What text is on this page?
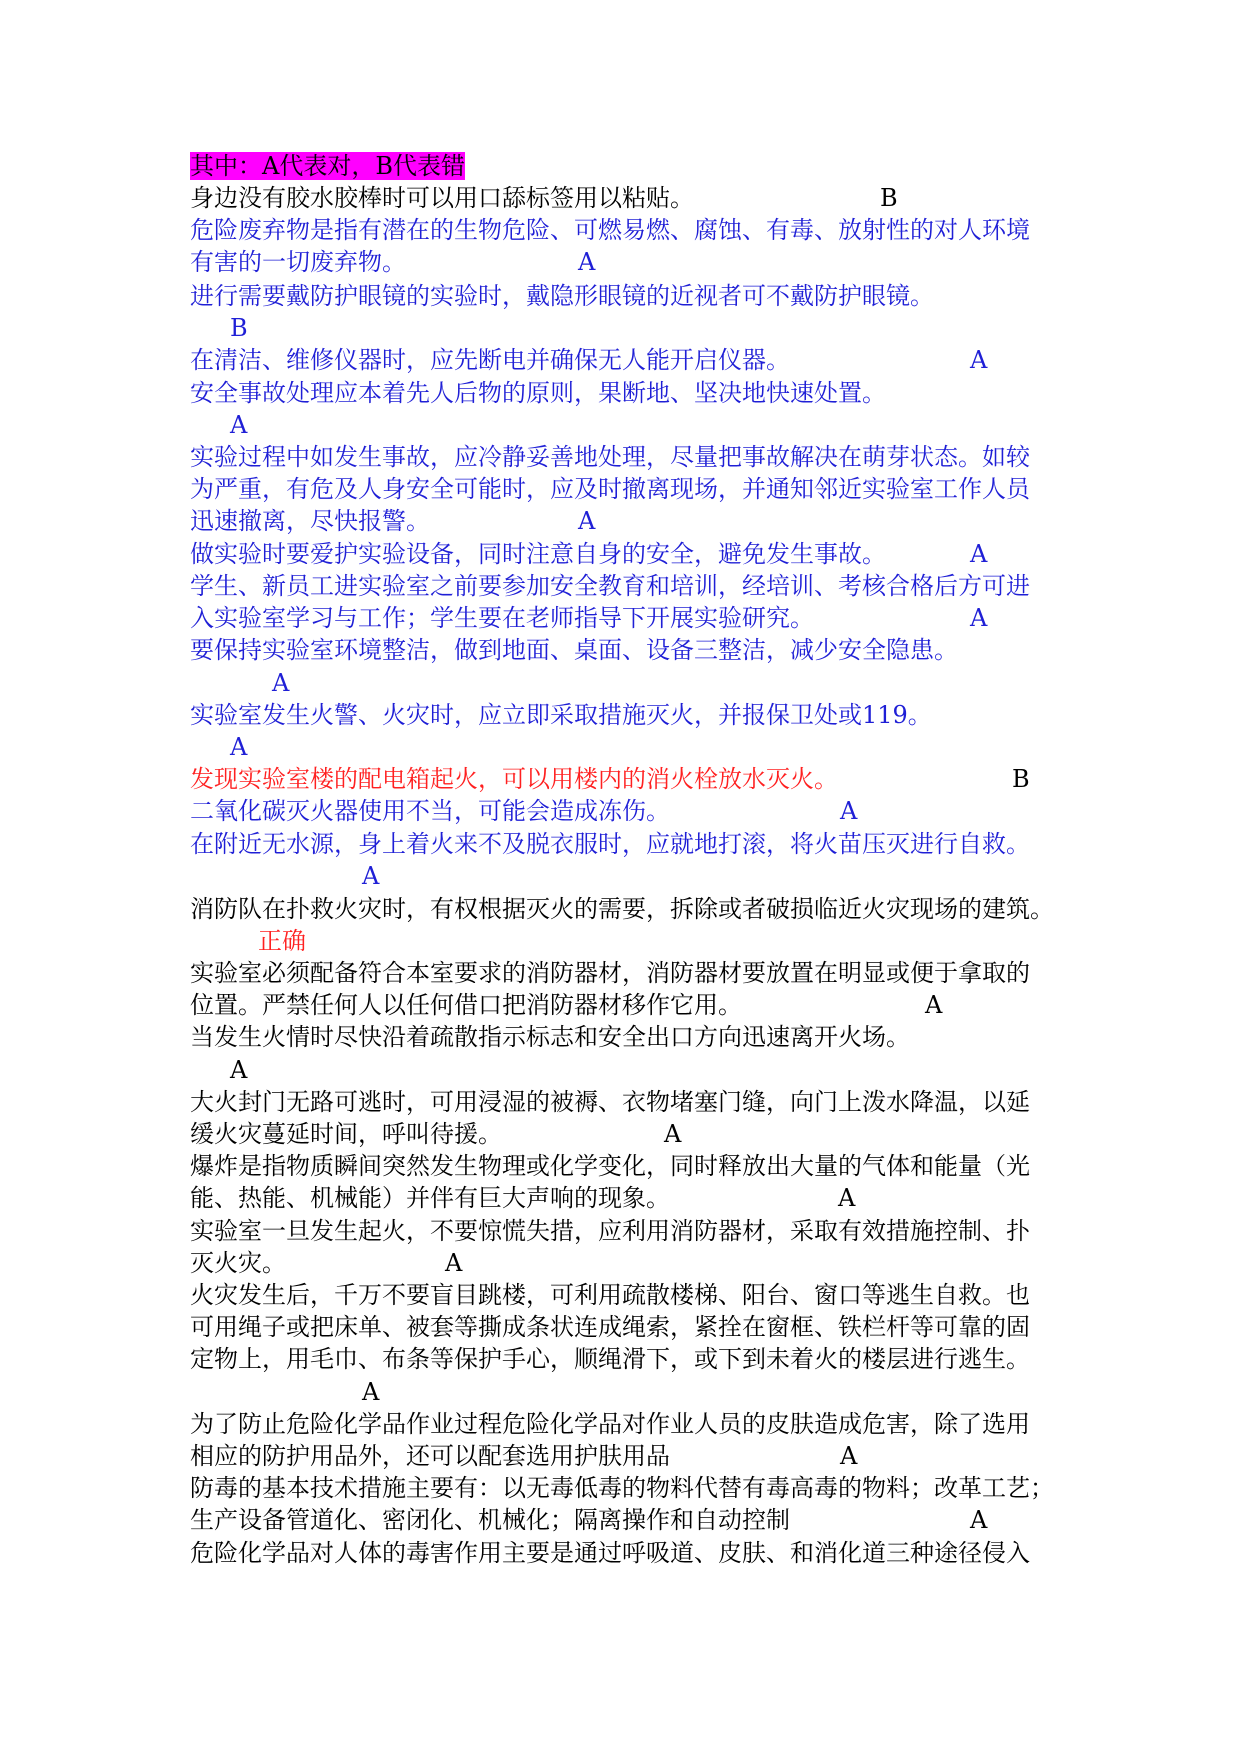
其中：A代表对，B代表错
身边没有胶水胶棒时可以用口舔标签用以粘贴。	B
危险废弃物是指有潜在的生物危险、可燃易燃、腐蚀、有毒、放射性的对人环境
有害的一切废弃物。	A
进行需要戴防护眼镜的实验时，戴隐形眼镜的近视者可不戴防护眼镜。
B
在清洁、维修仪器时，应先断电并确保无人能开启仪器。	A
安全事故处理应本着先人后物的原则，果断地、坚决地快速处置。
A
实验过程中如发生事故，应冷静妥善地处理，尽量把事故解决在萌芽状态。如较
为严重，有危及人身安全可能时，应及时撤离现场，并通知邻近实验室工作人员
迅速撤离，尽快报警。	A
做实验时要爱护实验设备，同时注意自身的安全，避免发生事故。	A
学生、新员工进实验室之前要参加安全教育和培训，经培训、考核合格后方可进
入实验室学习与工作；学生要在老师指导下开展实验研究。	A
要保持实验室环境整洁，做到地面、桌面、设备三整洁，减少安全隐患。
A
实验室发生火警、火灾时，应立即采取措施灭火，并报保卫处或119。
A
发现实验室楼的配电箱起火，可以用楼内的消火栓放水灭火。	B
二氧化碳灭火器使用不当，可能会造成冻伤。	A
在附近无水源，身上着火来不及脱衣服时，应就地打滚，将火苗压灭进行自救。
A
消防队在扑救火灾时，有权根据灭火的需要，拆除或者破损临近火灾现场的建筑。
正确
实验室必须配备符合本室要求的消防器材，消防器材要放置在明显或便于拿取的
位置。严禁任何人以任何借口把消防器材移作它用。	A
当发生火情时尽快沿着疏散指示标志和安全出口方向迅速离开火场。
A
大火封门无路可逃时，可用浸湿的被褥、衣物堵塞门缝，向门上泼水降温，以延
缓火灾蔓延时间，呼叫待援。	A
爆炸是指物质瞬间突然发生物理或化学变化，同时释放出大量的气体和能量（光
能、热能、机械能）并伴有巨大声响的现象。	A
实验室一旦发生起火，不要惊慌失措，应利用消防器材，采取有效措施控制、扑
灭火灾。	A
火灾发生后，千万不要盲目跳楼，可利用疏散楼梯、阳台、窗口等逃生自救。也
可用绳子或把床单、被套等撕成条状连成绳索，紧拴在窗框、铁栏杆等可靠的固
定物上，用毛巾、布条等保护手心，顺绳滑下，或下到未着火的楼层进行逃生。
A
为了防止危险化学品作业过程危险化学品对作业人员的皮肤造成危害，除了选用
相应的防护用品外，还可以配套选用护肤用品	A
防毒的基本技术措施主要有：以无毒低毒的物料代替有毒高毒的物料；改革工艺；
生产设备管道化、密闭化、机械化；隔离操作和自动控制	A
危险化学品对人体的毒害作用主要是通过呼吸道、皮肤、和消化道三种途径侵入
